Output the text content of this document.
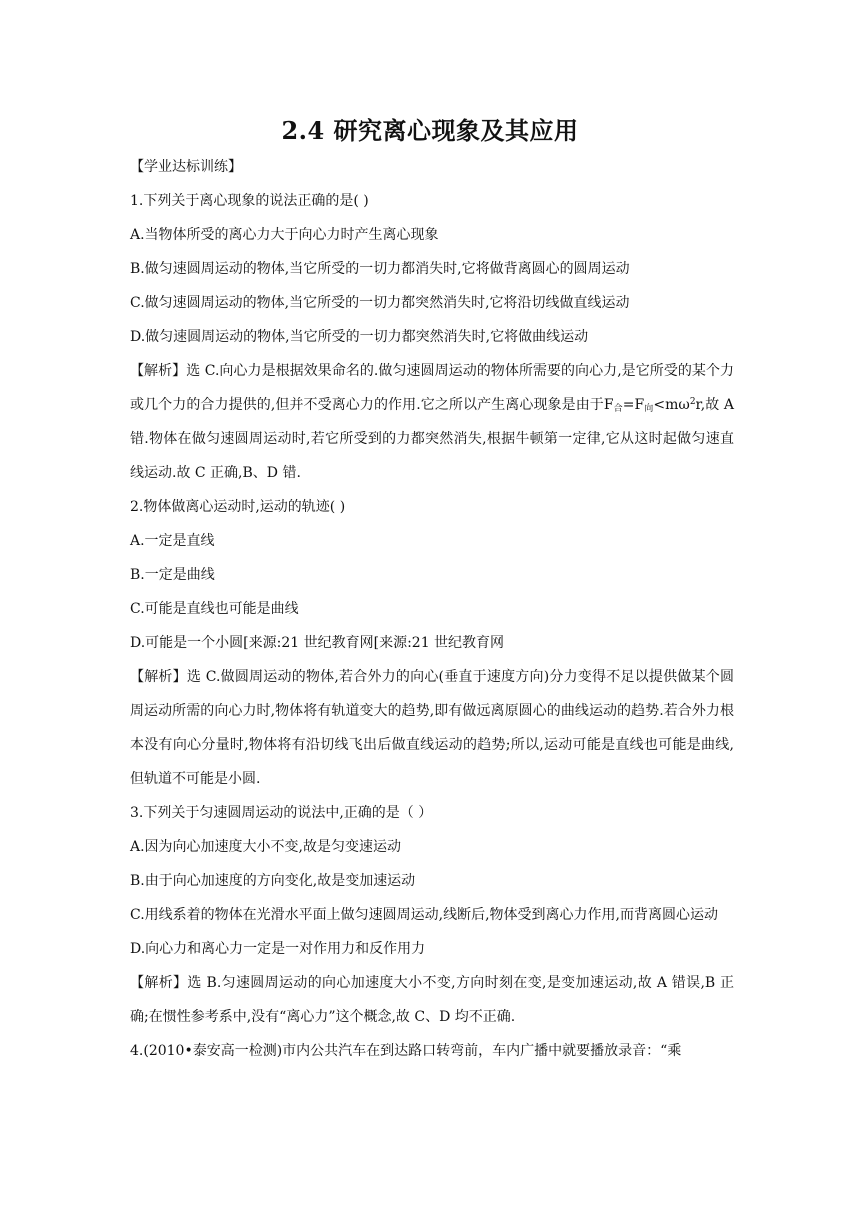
2.4 研究离心现象及其应用

【学业达标训练】

1.下列关于离心现象的说法正确的是( )

A.当物体所受的离心力大于向心力时产生离心现象

B.做匀速圆周运动的物体,当它所受的一切力都消失时,它将做背离圆心的圆周运动

C.做匀速圆周运动的物体,当它所受的一切力都突然消失时,它将沿切线做直线运动

D.做匀速圆周运动的物体,当它所受的一切力都突然消失时,它将做曲线运动

【解析】选 C.向心力是根据效果命名的.做匀速圆周运动的物体所需要的向心力,是它所受的某个力或几个力的合力提供的,但并不受离心力的作用.它之所以产生离心现象是由于$F_合=F_向<m\omega^2r$,故 A 错.物体在做匀速圆周运动时,若它所受到的力都突然消失,根据牛顿第一定律,它从这时起做匀速直线运动.故 C 正确,B、D 错.

2.物体做离心运动时,运动的轨迹( )

A.一定是直线

B.一定是曲线

C.可能是直线也可能是曲线

D.可能是一个小圆[来源:21 世纪教育网[来源:21 世纪教育网

【解析】选 C.做圆周运动的物体,若合外力的向心(垂直于速度方向)分力变得不足以提供做某个圆周运动所需的向心力时,物体将有轨道变大的趋势,即有做远离原圆心的曲线运动的趋势.若合外力根本没有向心分量时,物体将有沿切线飞出后做直线运动的趋势;所以,运动可能是直线也可能是曲线,但轨道不可能是小圆.

3.下列关于匀速圆周运动的说法中,正确的是（ ）

A.因为向心加速度大小不变,故是匀变速运动

B.由于向心加速度的方向变化,故是变加速运动

C.用线系着的物体在光滑水平面上做匀速圆周运动,线断后,物体受到离心力作用,而背离圆心运动

D.向心力和离心力一定是一对作用力和反作用力

【解析】选 B.匀速圆周运动的向心加速度大小不变,方向时刻在变,是变加速运动,故 A 错误,B 正确;在惯性参考系中,没有“离心力”这个概念,故 C、D 均不正确.

4.(2010•泰安高一检测)市内公共汽车在到达路口转弯前，车内广播中就要播放录音：“乘
